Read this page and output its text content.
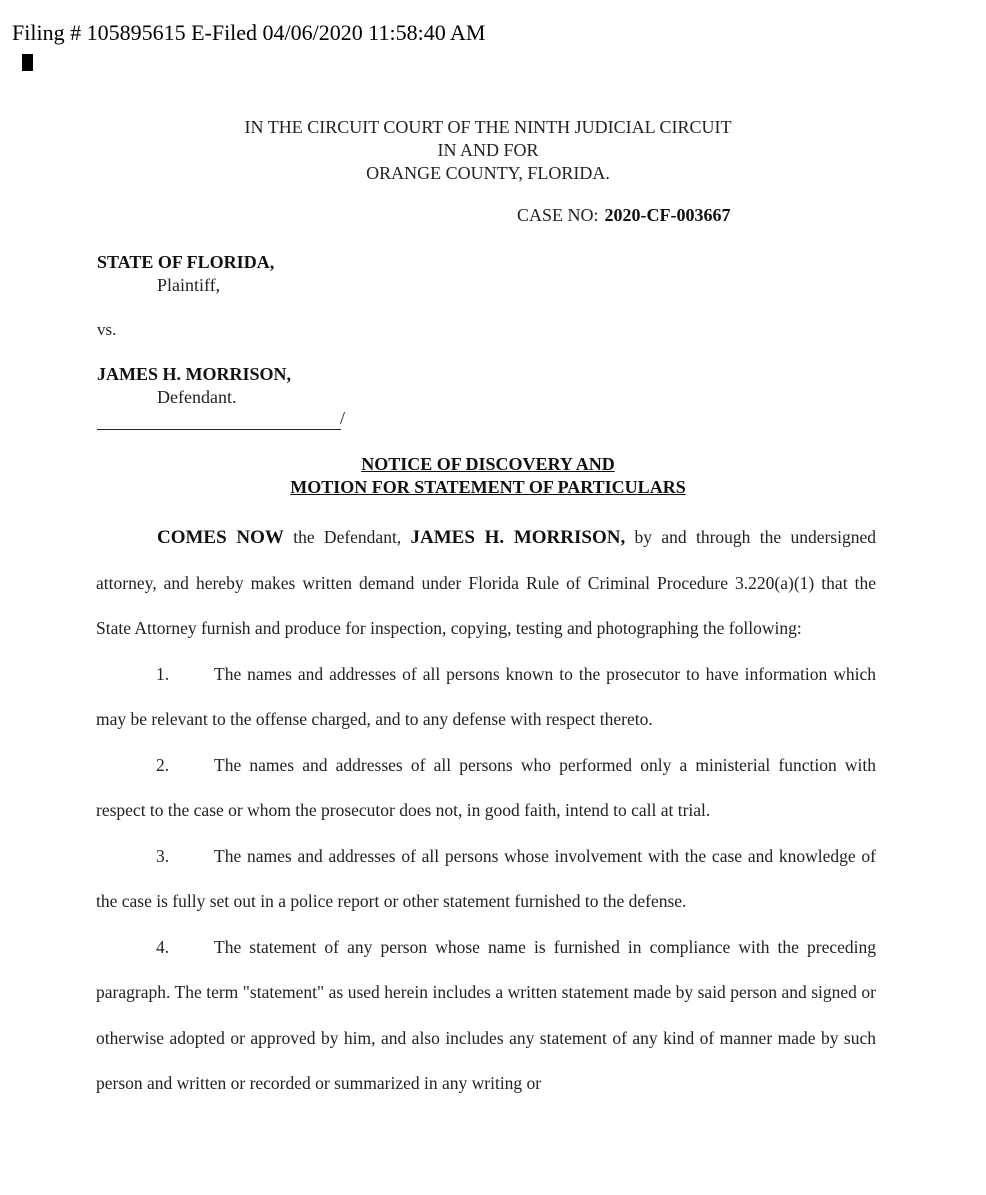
Filing # 105895615 E-Filed 04/06/2020 11:58:40 AM
IN THE CIRCUIT COURT OF THE NINTH JUDICIAL CIRCUIT
IN AND FOR
ORANGE COUNTY, FLORIDA.
CASE NO: 2020-CF-003667
STATE OF FLORIDA,
Plaintiff,
vs.
JAMES H. MORRISON,
Defendant.
/
NOTICE OF DISCOVERY AND
MOTION FOR STATEMENT OF PARTICULARS

COMES NOW the Defendant, JAMES H. MORRISON, by and through the undersigned attorney, and hereby makes written demand under Florida Rule of Criminal Procedure 3.220(a)(1) that the State Attorney furnish and produce for inspection, copying, testing and photographing the following:

1.	The names and addresses of all persons known to the prosecutor to have information which may be relevant to the offense charged, and to any defense with respect thereto.

2.	The names and addresses of all persons who performed only a ministerial function with respect to the case or whom the prosecutor does not, in good faith, intend to call at trial.

3.	The names and addresses of all persons whose involvement with the case and knowledge of the case is fully set out in a police report or other statement furnished to the defense.

4.	The statement of any person whose name is furnished in compliance with the preceding paragraph. The term "statement" as used herein includes a written statement made by said person and signed or otherwise adopted or approved by him, and also includes any statement of any kind of manner made by such person and written or recorded or summarized in any writing or
